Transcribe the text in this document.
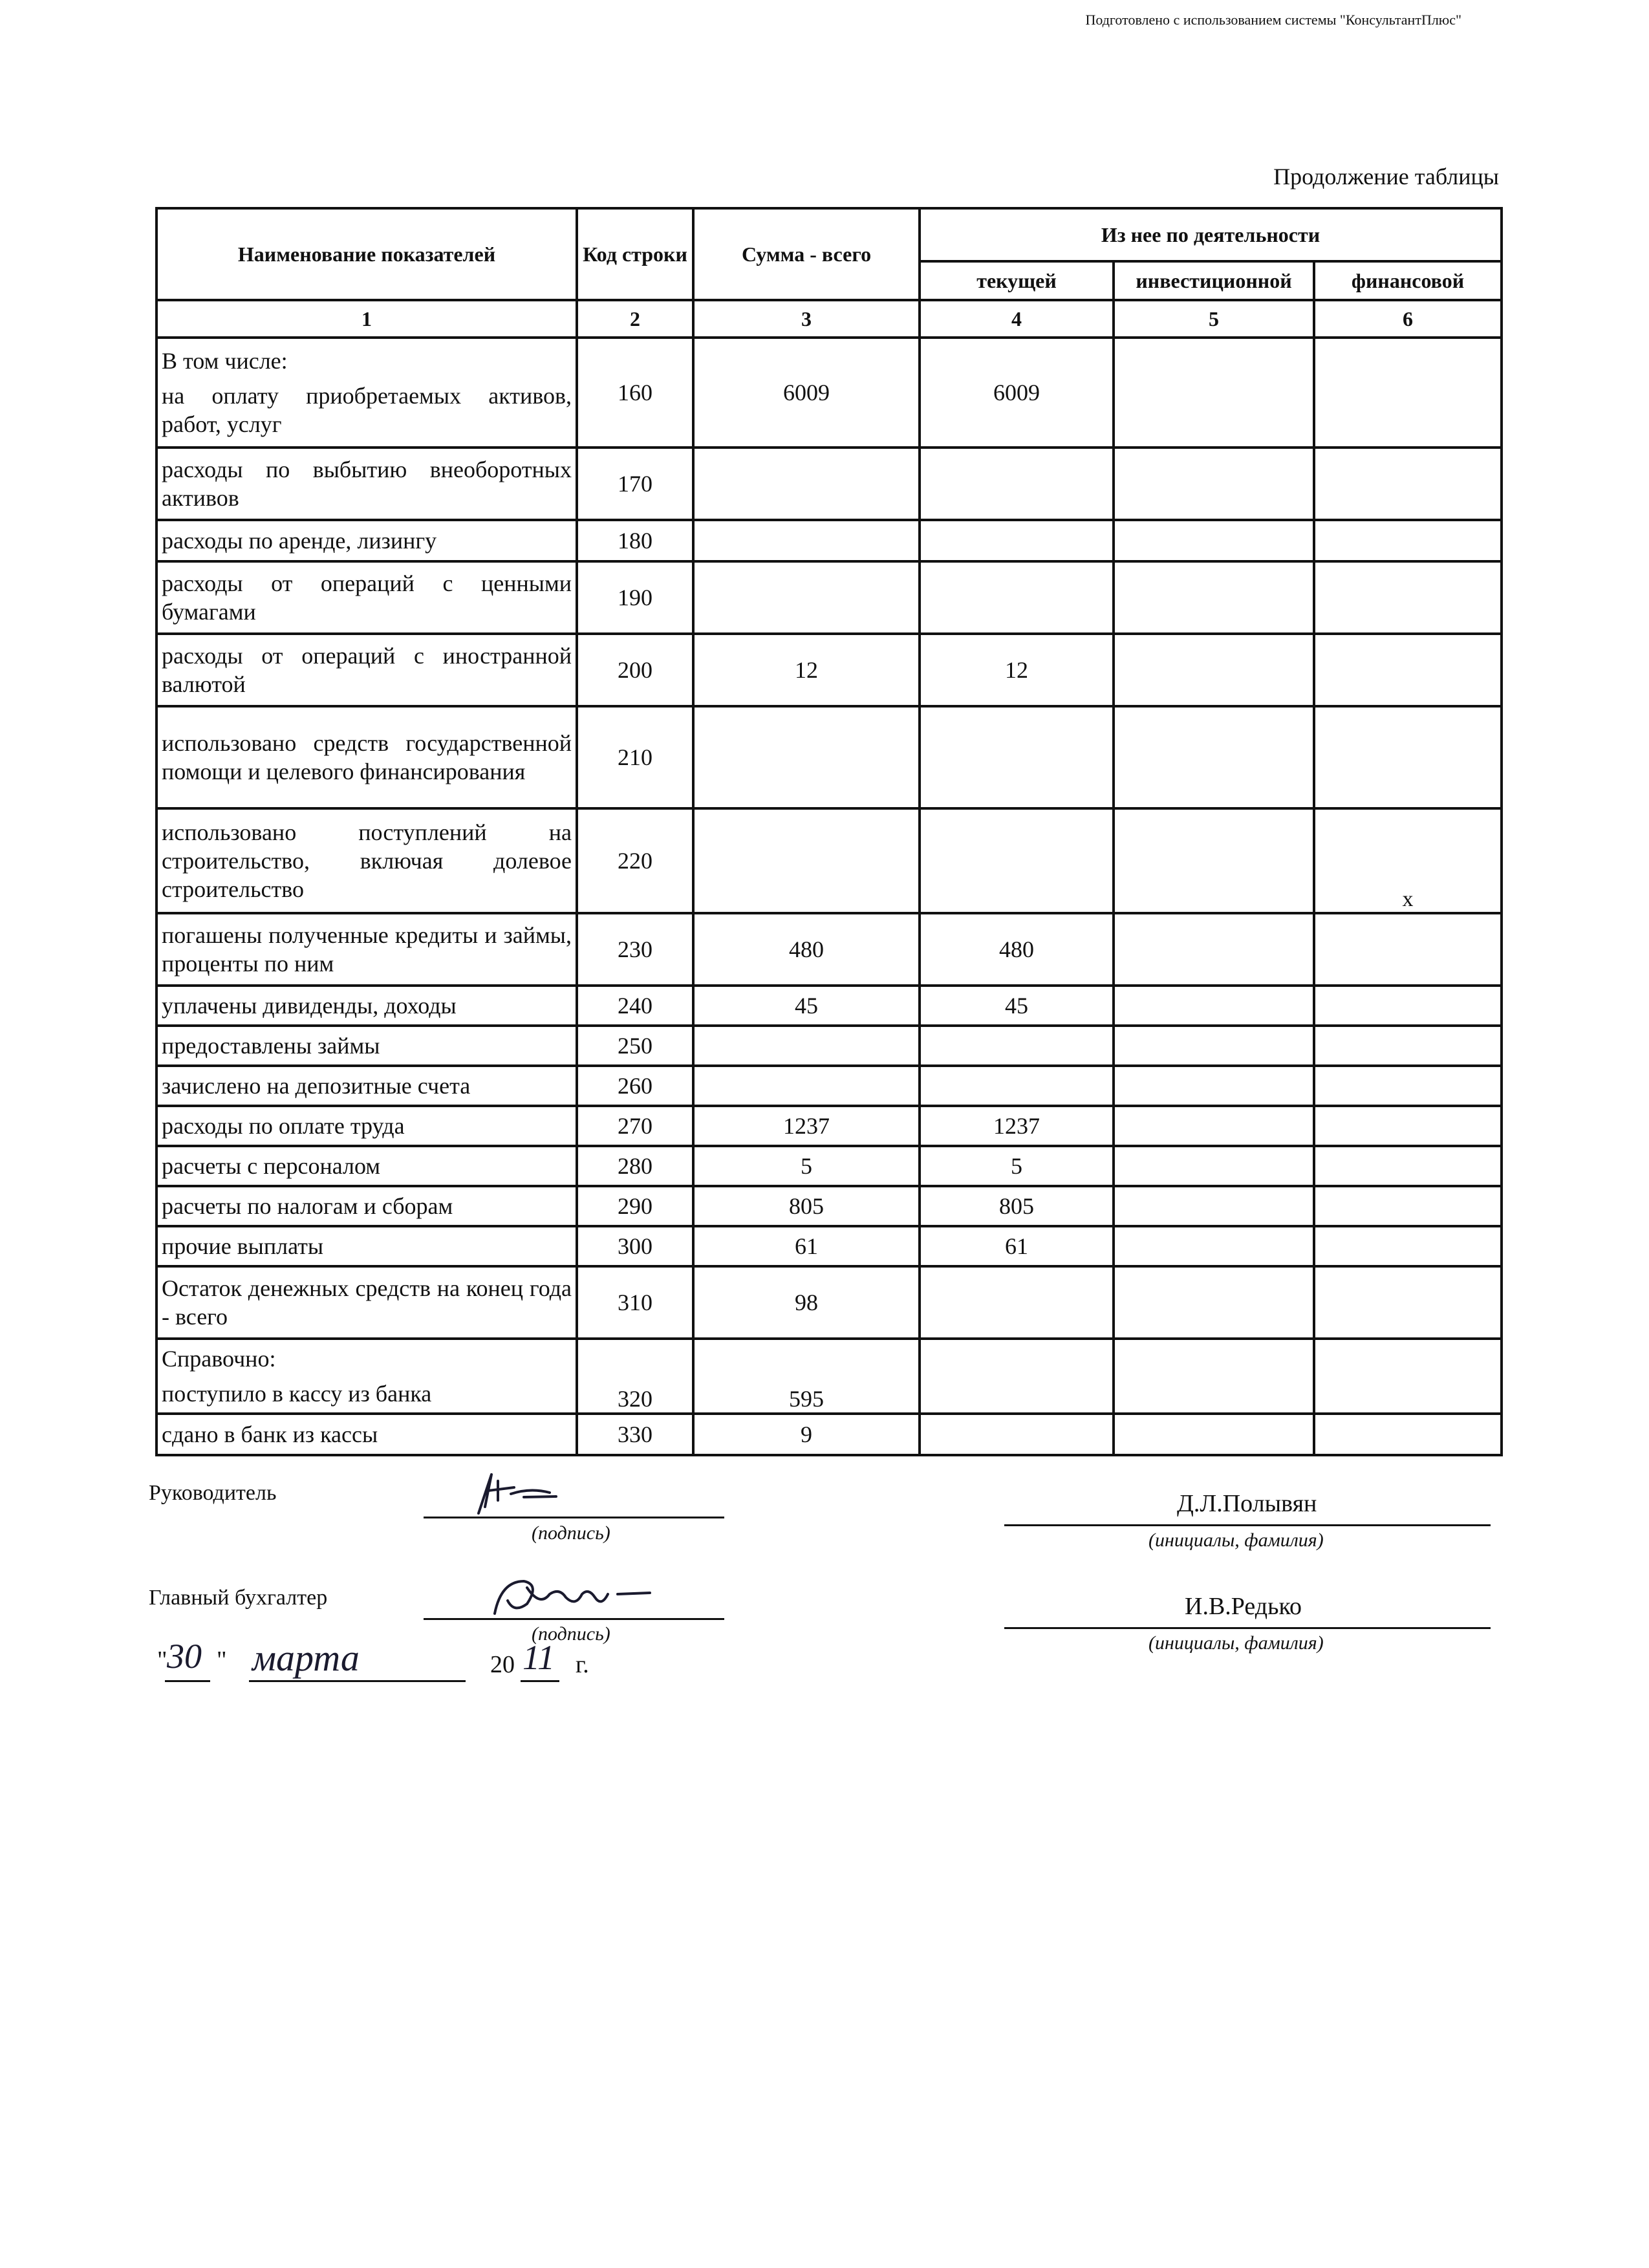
Подготовлено с использованием системы "КонсультантПлюс"
Продолжение таблицы
Наименование показателей	Код строки	Сумма - всего	Из нее по деятельности		
			текущей	инвестиционной	финансовой
1	2	3	4	5	6

В том числе:
на оплату приобретаемых активов, работ, услуг	160	6009	6009		
расходы по выбытию внеоборотных активов	170				
расходы по аренде, лизингу	180				
расходы от операций с ценными бумагами	190				
расходы от операций с иностранной валютой	200	12	12		
использовано средств государственной помощи и целевого финансирования	210				
использовано поступлений на строительство, включая долевое строительство	220				х

погашены полученные кредиты и займы, проценты по ним	230	480	480		
уплачены дивиденды, доходы	240	45	45		
предоставлены займы	250				
зачислено на депозитные счета	260				
расходы по оплате труда	270	1237	1237		
расчеты с персоналом	280	5	5		
расчеты по налогам и сборам	290	805	805		
прочие выплаты	300	61	61		
Остаток денежных средств на конец года - всего	310	98			

Справочно:
поступило в кассу из банка	320	595			
сдано в банк из кассы	330	9			
Руководитель
(подпись)
Д.Л.Полывян
(инициалы, фамилия)
Главный бухгалтер
(подпись)
И.В.Редько
(инициалы, фамилия)
" 30 " марта	20 11 г.
